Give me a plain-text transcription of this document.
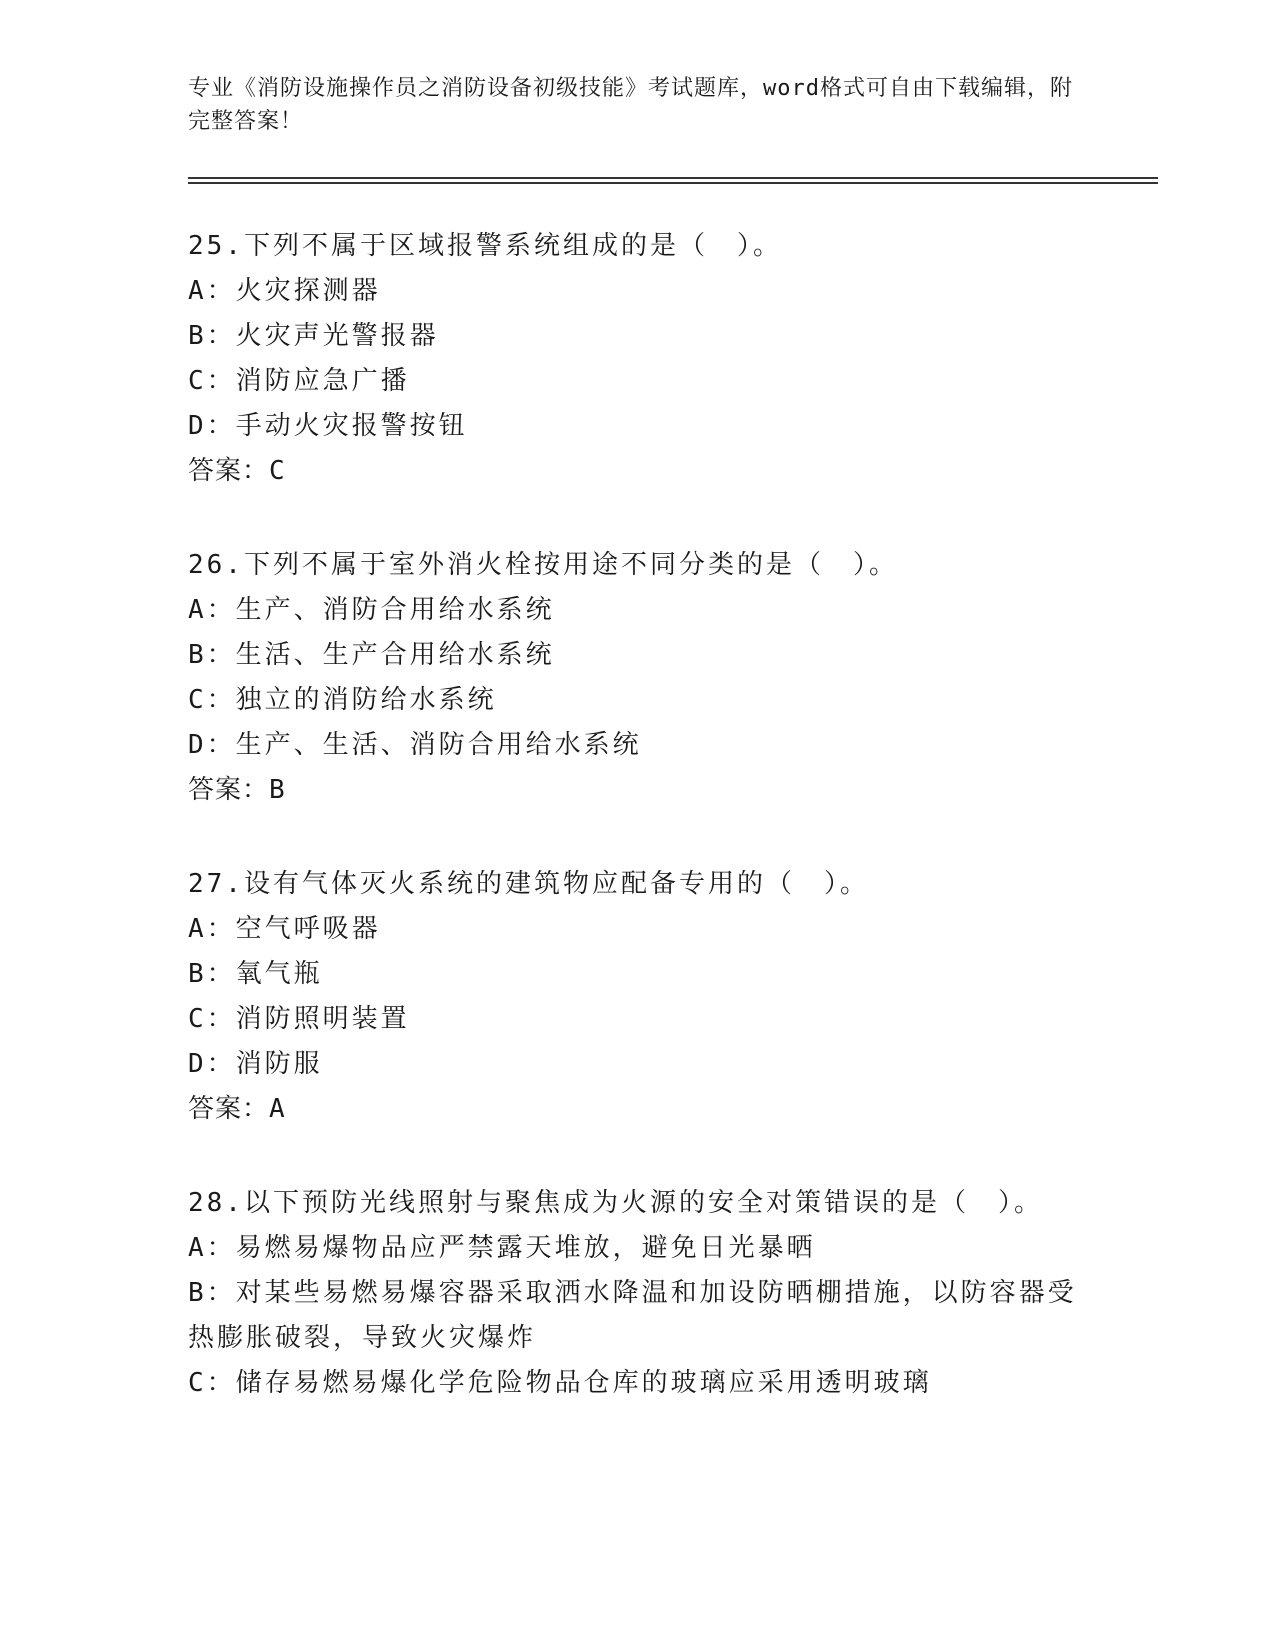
专业《消防设施操作员之消防设备初级技能》考试题库，word格式可自由下载编辑，附完整答案！
25.下列不属于区域报警系统组成的是（　）。
A：火灾探测器
B：火灾声光警报器
C：消防应急广播
D：手动火灾报警按钮
答案：C
26.下列不属于室外消火栓按用途不同分类的是（　）。
A：生产、消防合用给水系统
B：生活、生产合用给水系统
C：独立的消防给水系统
D：生产、生活、消防合用给水系统
答案：B
27.设有气体灭火系统的建筑物应配备专用的（　）。
A：空气呼吸器
B：氧气瓶
C：消防照明装置
D：消防服
答案：A
28.以下预防光线照射与聚焦成为火源的安全对策错误的是（　）。
A：易燃易爆物品应严禁露天堆放，避免日光暴晒
B：对某些易燃易爆容器采取洒水降温和加设防晒棚措施，以防容器受热膨胀破裂，导致火灾爆炸
C：储存易燃易爆化学危险物品仓库的玻璃应采用透明玻璃
